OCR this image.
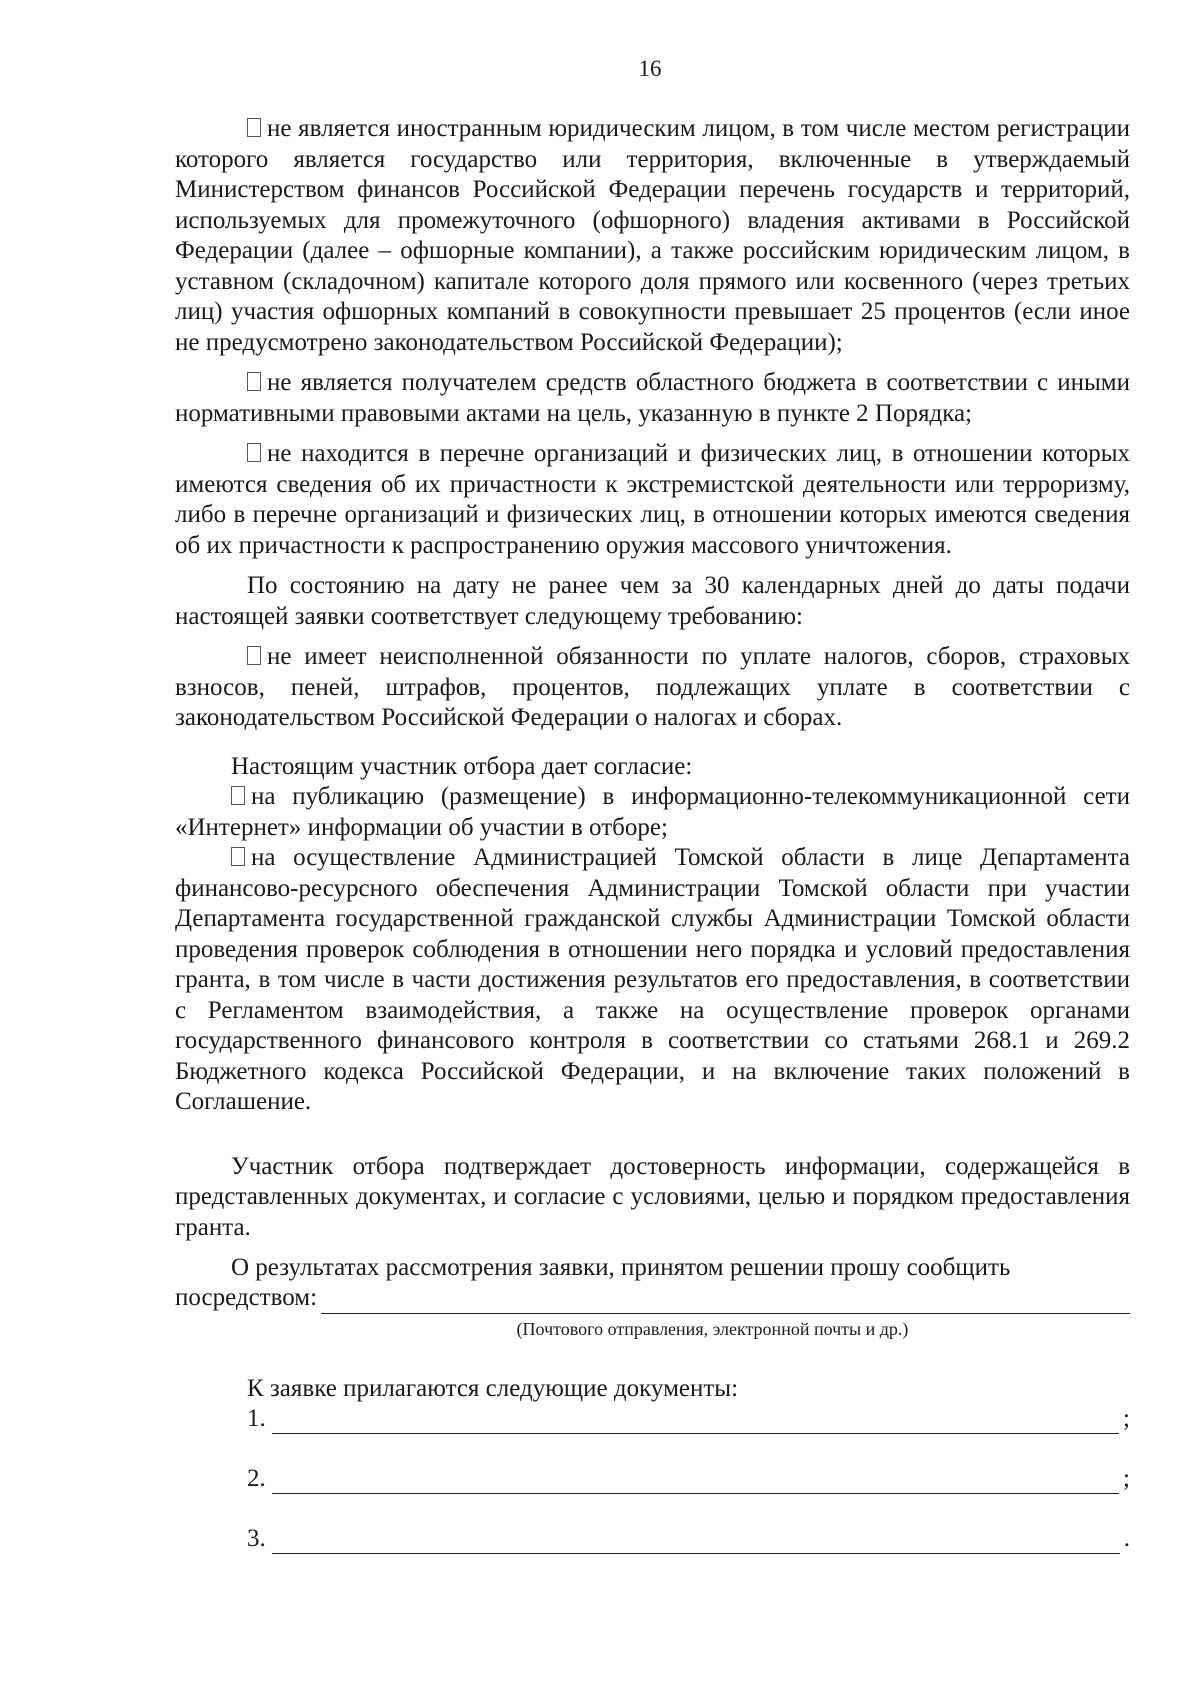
16

не является иностранным юридическим лицом, в том числе местом регистрации которого является государство или территория, включенные в утверждаемый Министерством финансов Российской Федерации перечень государств и территорий, используемых для промежуточного (офшорного) владения активами в Российской Федерации (далее – офшорные компании), а также российским юридическим лицом, в уставном (складочном) капитале которого доля прямого или косвенного (через третьих лиц) участия офшорных компаний в совокупности превышает 25 процентов (если иное не предусмотрено законодательством Российской Федерации);

не является получателем средств областного бюджета в соответствии с иными нормативными правовыми актами на цель, указанную в пункте 2 Порядка;

не находится в перечне организаций и физических лиц, в отношении которых имеются сведения об их причастности к экстремистской деятельности или терроризму, либо в перечне организаций и физических лиц, в отношении которых имеются сведения об их причастности к распространению оружия массового уничтожения.

По состоянию на дату не ранее чем за 30 календарных дней до даты подачи настоящей заявки соответствует следующему требованию:

не имеет неисполненной обязанности по уплате налогов, сборов, страховых взносов, пеней, штрафов, процентов, подлежащих уплате в соответствии с законодательством Российской Федерации о налогах и сборах.

Настоящим участник отбора дает согласие:

на публикацию (размещение) в информационно-телекоммуникационной сети «Интернет» информации об участии в отборе;

на осуществление Администрацией Томской области в лице Департамента финансово-ресурсного обеспечения Администрации Томской области при участии Департамента государственной гражданской службы Администрации Томской области проведения проверок соблюдения в отношении него порядка и условий предоставления гранта, в том числе в части достижения результатов его предоставления, в соответствии с Регламентом взаимодействия, а также на осуществление проверок органами государственного финансового контроля в соответствии со статьями 268.1 и 269.2 Бюджетного кодекса Российской Федерации, и на включение таких положений в Соглашение.

Участник отбора подтверждает достоверность информации, содержащейся в представленных документах, и согласие с условиями, целью и порядком предоставления гранта.

О результатах рассмотрения заявки, принятом решении прошу сообщить

посредством:
(Почтового отправления, электронной почты и др.)
К заявке прилагаются следующие документы:
1.	;
2.	;
3.	.
